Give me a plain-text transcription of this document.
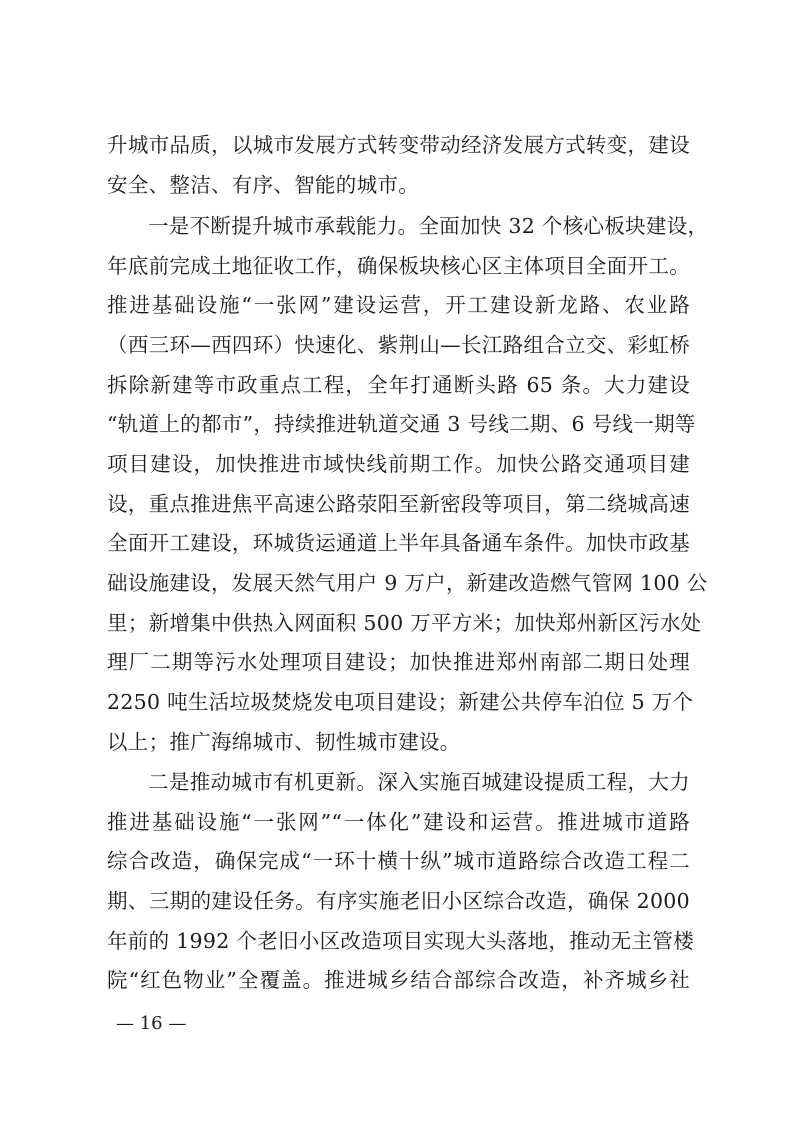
升城市品质，以城市发展方式转变带动经济发展方式转变，建设
安全、整洁、有序、智能的城市。
一是不断提升城市承载能力。全面加快 32 个核心板块建设，
年底前完成土地征收工作，确保板块核心区主体项目全面开工。
推进基础设施“一张网”建设运营，开工建设新龙路、农业路
（西三环—西四环）快速化、紫荆山—长江路组合立交、彩虹桥
拆除新建等市政重点工程，全年打通断头路 65 条。大力建设
“轨道上的都市”，持续推进轨道交通 3 号线二期、6 号线一期等
项目建设，加快推进市域快线前期工作。加快公路交通项目建
设，重点推进焦平高速公路荥阳至新密段等项目，第二绕城高速
全面开工建设，环城货运通道上半年具备通车条件。加快市政基
础设施建设，发展天然气用户 9 万户，新建改造燃气管网 100 公
里；新增集中供热入网面积 500 万平方米；加快郑州新区污水处
理厂二期等污水处理项目建设；加快推进郑州南部二期日处理
2250 吨生活垃圾焚烧发电项目建设；新建公共停车泊位 5 万个
以上；推广海绵城市、韧性城市建设。
二是推动城市有机更新。深入实施百城建设提质工程，大力
推进基础设施“一张网”“一体化”建设和运营。推进城市道路
综合改造，确保完成“一环十横十纵”城市道路综合改造工程二
期、三期的建设任务。有序实施老旧小区综合改造，确保 2000
年前的 1992 个老旧小区改造项目实现大头落地，推动无主管楼
院“红色物业”全覆盖。推进城乡结合部综合改造，补齐城乡社
— 16 —
